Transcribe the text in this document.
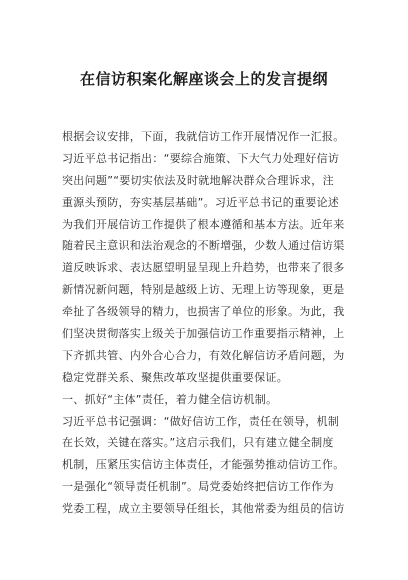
在信访积案化解座谈会上的发言提纲
根据会议安排，下面，我就信访工作开展情况作一汇报。
习近平总书记指出：“要综合施策、下大气力处理好信访
突出问题”“要切实依法及时就地解决群众合理诉求，注
重源头预防，夯实基层基础”。习近平总书记的重要论述
为我们开展信访工作提供了根本遵循和基本方法。近年来
随着民主意识和法治观念的不断增强，少数人通过信访渠
道反映诉求、表达愿望明显呈现上升趋势，也带来了很多
新情况新问题，特别是越级上访、无理上访等现象，更是
牵扯了各级领导的精力，也损害了单位的形象。为此，我
们坚决贯彻落实上级关于加强信访工作重要指示精神，上
下齐抓共管、内外合心合力，有效化解信访矛盾问题，为
稳定党群关系、聚焦改革攻坚提供重要保证。
一、抓好“主体”责任，着力健全信访机制。
习近平总书记强调：“做好信访工作，责任在领导，机制
在长效，关键在落实。”这启示我们，只有建立健全制度
机制，压紧压实信访主体责任，才能强势推动信访工作。
一是强化“领导责任机制”。局党委始终把信访工作作为
党委工程，成立主要领导任组长，其他常委为组员的信访
